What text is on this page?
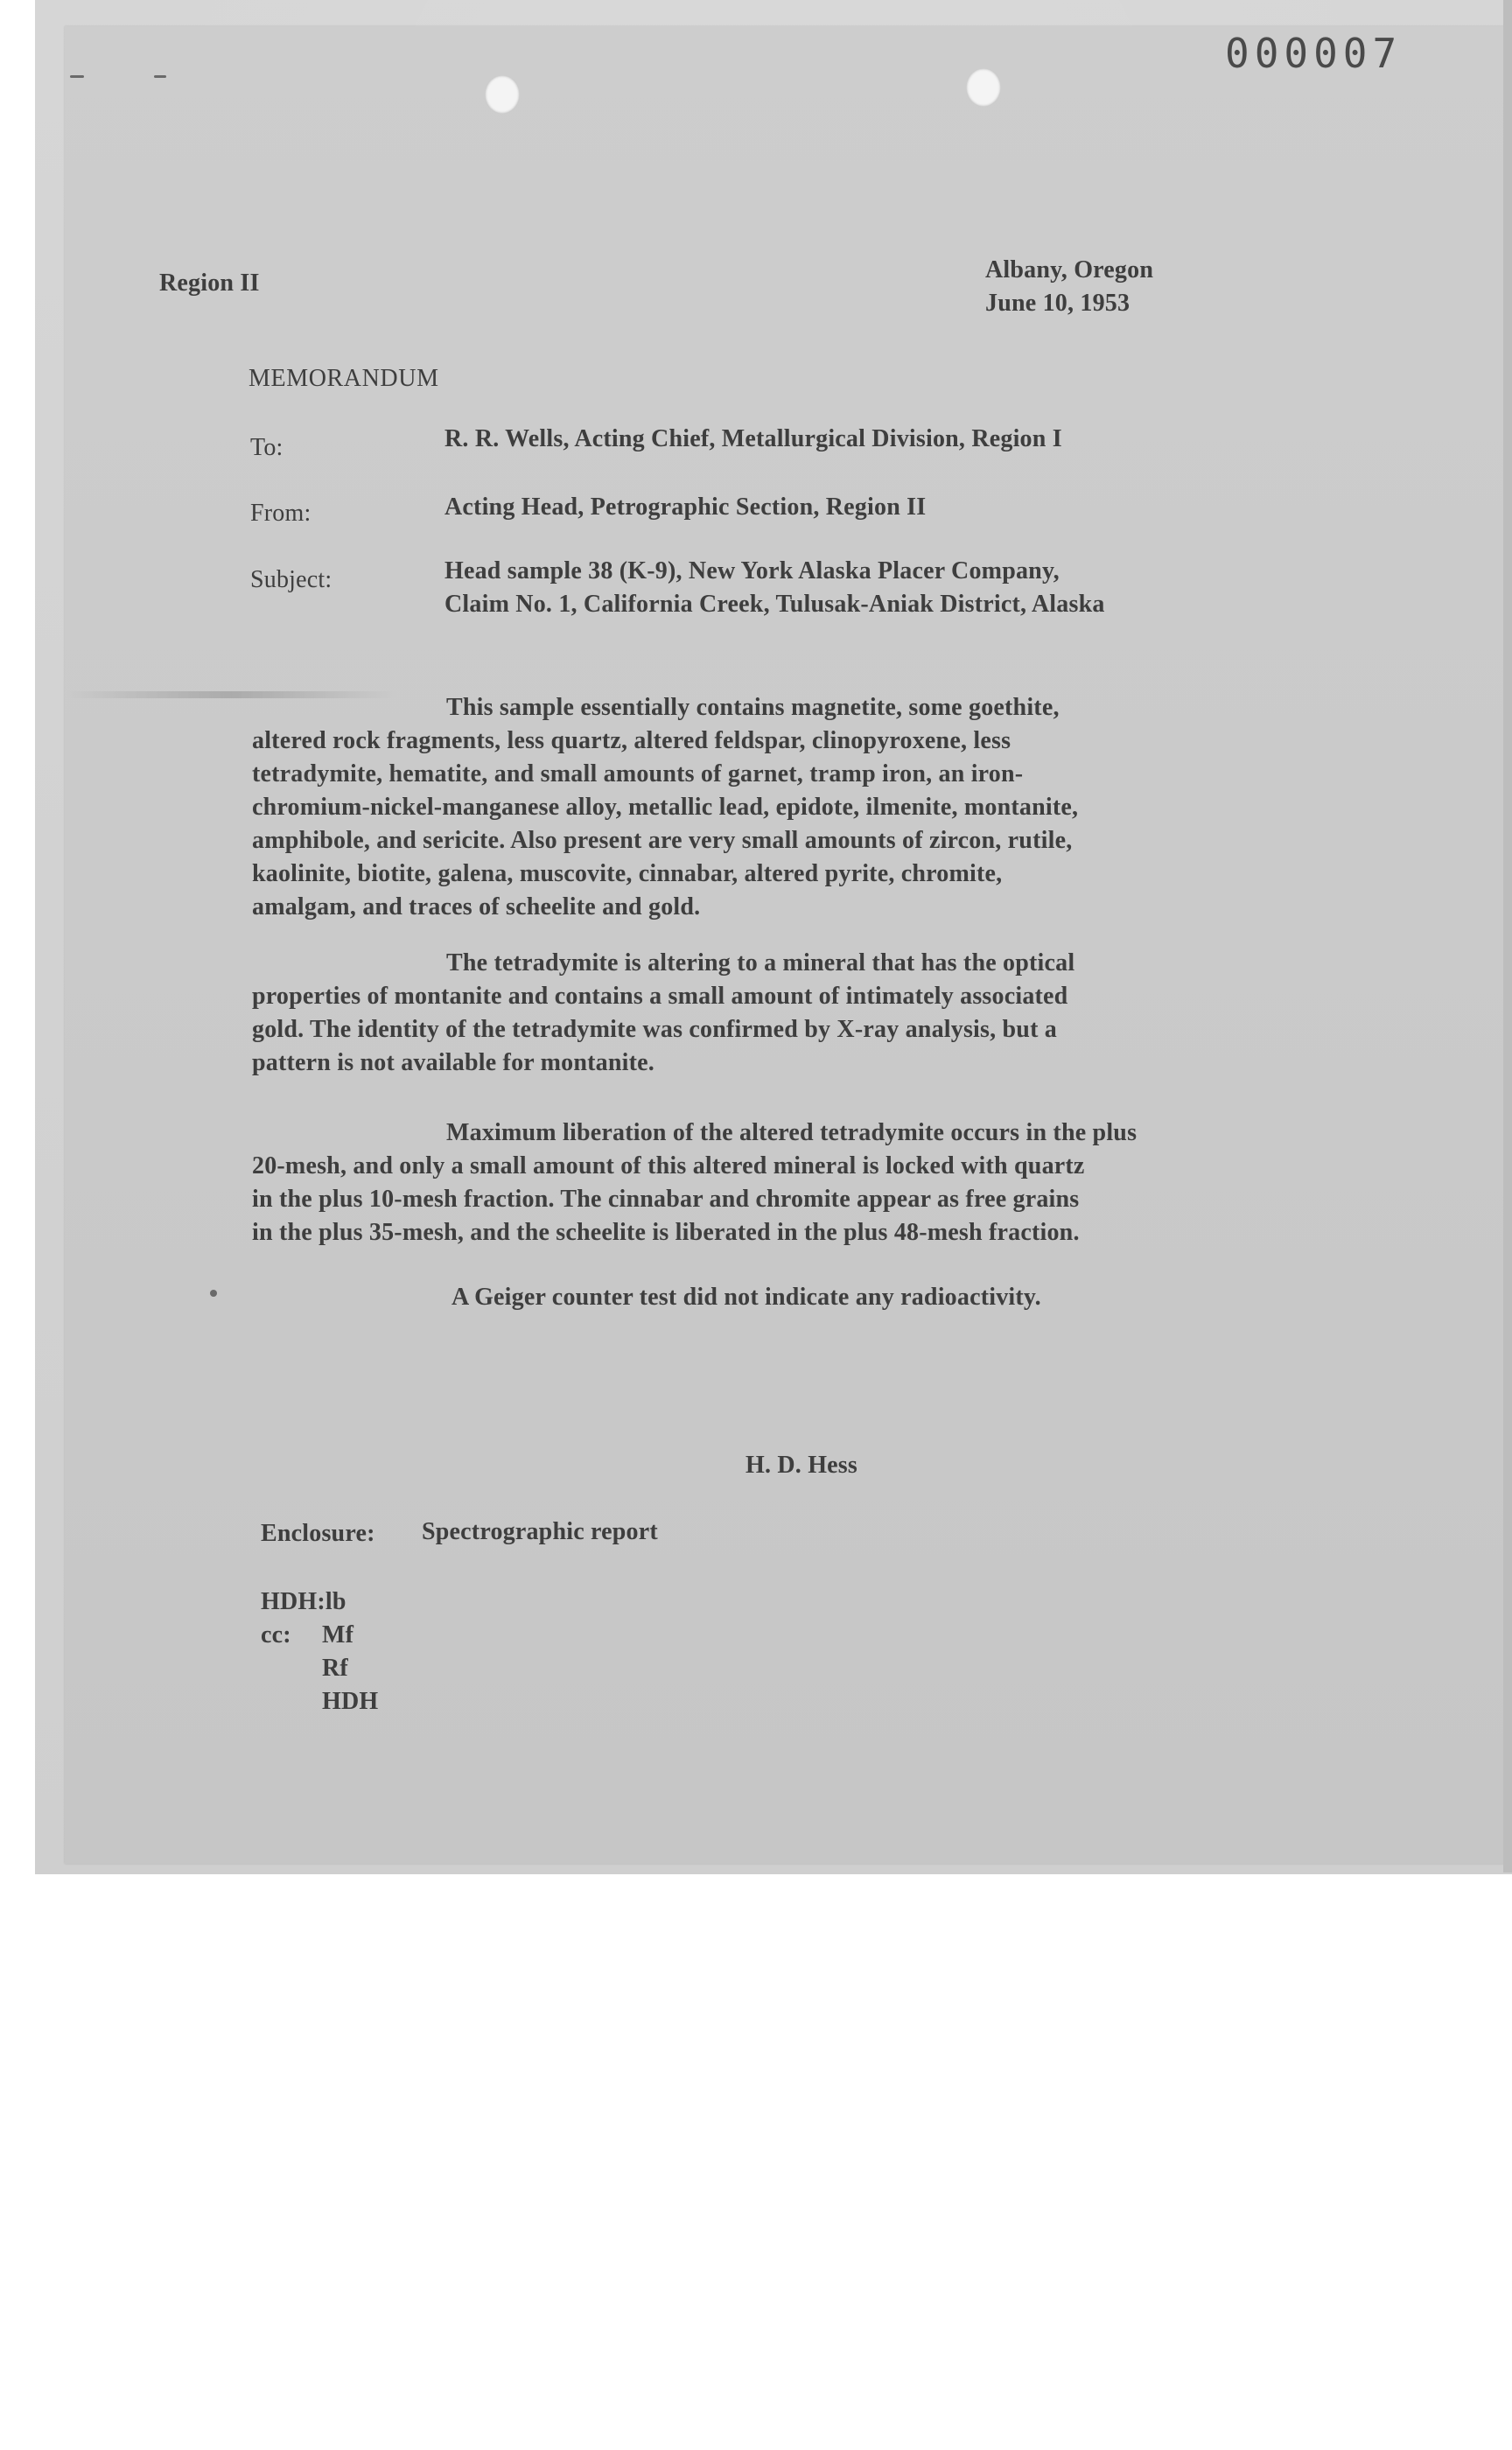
000007
Region II	Albany, Oregon
June 10, 1953
MEMORANDUM
To:	R. R. Wells, Acting Chief, Metallurgical Division, Region I
From:	Acting Head, Petrographic Section, Region II
Subject:	Head sample 38 (K-9), New York Alaska Placer Company,
Claim No. 1, California Creek, Tulusak-Aniak District, Alaska
This sample essentially contains magnetite, some goethite,
altered rock fragments, less quartz, altered feldspar, clinopyroxene, less
tetradymite, hematite, and small amounts of garnet, tramp iron, an iron-
chromium-nickel-manganese alloy, metallic lead, epidote, ilmenite, montanite,
amphibole, and sericite. Also present are very small amounts of zircon, rutile,
kaolinite, biotite, galena, muscovite, cinnabar, altered pyrite, chromite,
amalgam, and traces of scheelite and gold.
The tetradymite is altering to a mineral that has the optical
properties of montanite and contains a small amount of intimately associated
gold. The identity of the tetradymite was confirmed by X-ray analysis, but a
pattern is not available for montanite.
Maximum liberation of the altered tetradymite occurs in the plus
20-mesh, and only a small amount of this altered mineral is locked with quartz
in the plus 10-mesh fraction. The cinnabar and chromite appear as free grains
in the plus 35-mesh, and the scheelite is liberated in the plus 48-mesh fraction.
A Geiger counter test did not indicate any radioactivity.
H. D. Hess
Enclosure: Spectrographic report
HDH:lb
cc: Mf
Rf
HDH
